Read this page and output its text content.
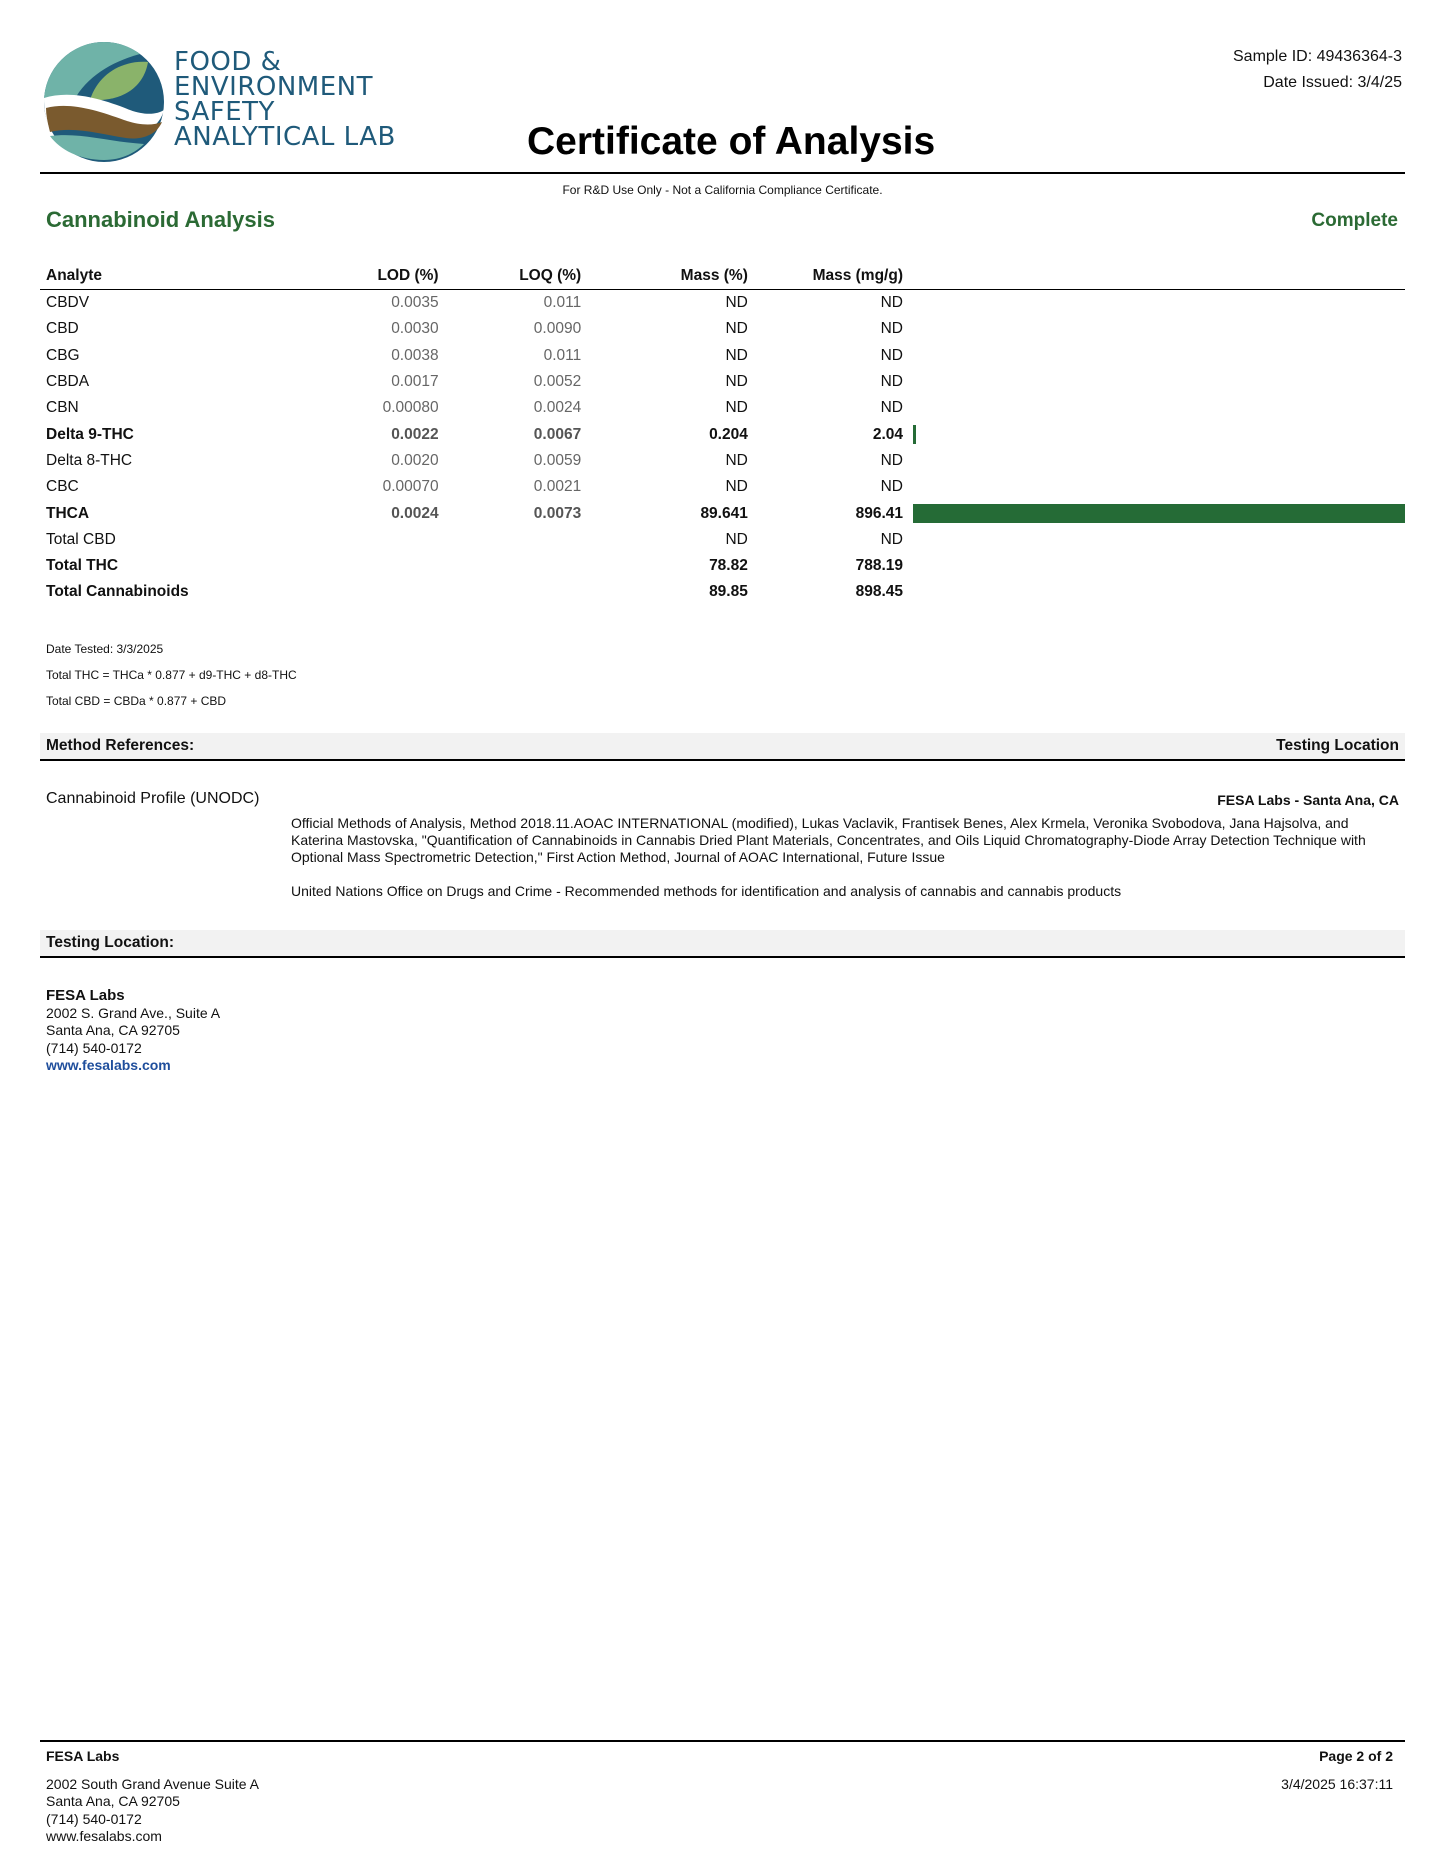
FOOD &
ENVIRONMENT
SAFETY
ANALYTICAL LAB	Certificate of Analysis
Sample ID: 49436364-3
Date Issued: 3/4/25
For R&D Use Only - Not a California Compliance Certificate.
Cannabinoid Analysis	Complete
Analyte	LOD (%)	LOQ (%)	Mass (%)	Mass (mg/g)	
CBDV	0.0035	0.011	ND	ND	
CBD	0.0030	0.0090	ND	ND	
CBG	0.0038	0.011	ND	ND	
CBDA	0.0017	0.0052	ND	ND	
CBN	0.00080	0.0024	ND	ND	
Delta 9-THC	0.0022	0.0067	0.204	2.04	

Delta 8-THC	0.0020	0.0059	ND	ND	
CBC	0.00070	0.0021	ND	ND	
THCA	0.0024	0.0073	89.641	896.41	

Total CBD			ND	ND	
Total THC			78.82	788.19	
Total Cannabinoids			89.85	898.45	
Date Tested: 3/3/2025
Total THC = THCa * 0.877 + d9-THC + d8-THC
Total CBD = CBDa * 0.877 + CBD
Method References:	Testing Location
Cannabinoid Profile (UNODC)	FESA Labs - Santa Ana, CA

Official Methods of Analysis, Method 2018.11.AOAC INTERNATIONAL (modified), Lukas Vaclavik, Frantisek Benes, Alex Krmela, Veronika Svobodova, Jana Hajsolva, and Katerina Mastovska, "Quantification of Cannabinoids in Cannabis Dried Plant Materials, Concentrates, and Oils Liquid Chromatography-Diode Array Detection Technique with Optional Mass Spectrometric Detection," First Action Method, Journal of AOAC International, Future Issue

United Nations Office on Drugs and Crime - Recommended methods for identification and analysis of cannabis and cannabis products

Testing Location:
FESA Labs
2002 S. Grand Ave., Suite A
Santa Ana, CA 92705
(714) 540-0172
www.fesalabs.com
FESA Labs
2002 South Grand Avenue Suite A
Santa Ana, CA 92705
(714) 540-0172
www.fesalabs.com
Page 2 of 2
3/4/2025 16:37:11
